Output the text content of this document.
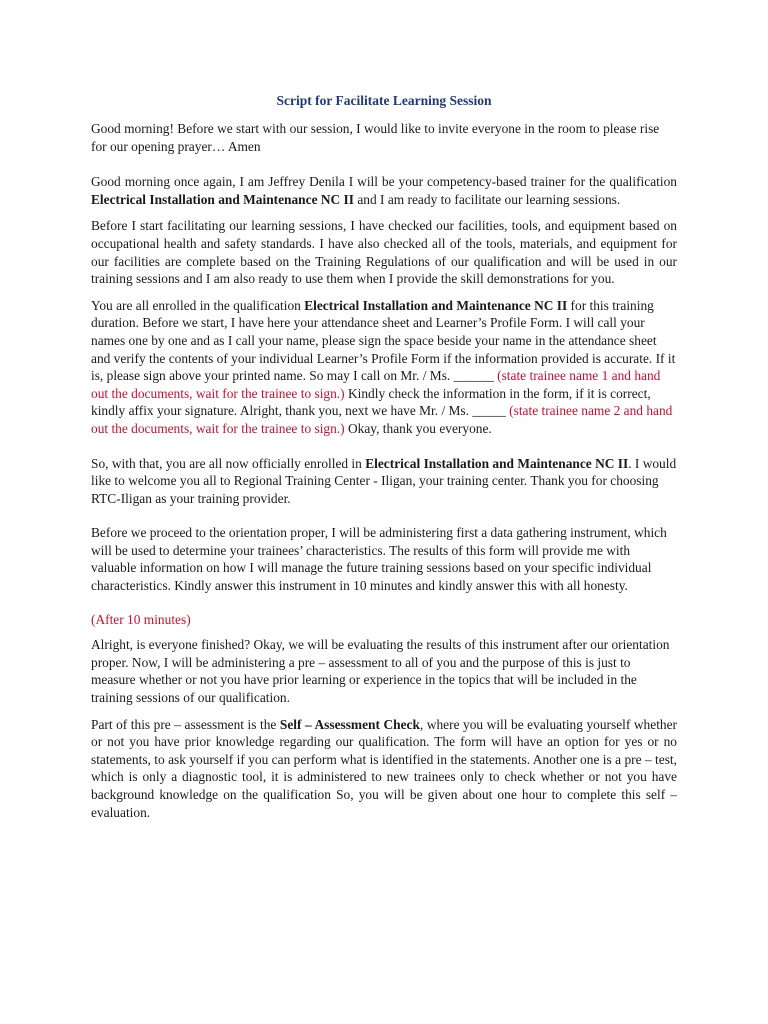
Script for Facilitate Learning Session

Good morning! Before we start with our session, I would like to invite everyone in the room to please rise for our opening prayer… Amen

Good morning once again, I am Jeffrey Denila I will be your competency-based trainer for the qualification Electrical Installation and Maintenance NC II and I am ready to facilitate our learning sessions.

Before I start facilitating our learning sessions, I have checked our facilities, tools, and equipment based on occupational health and safety standards. I have also checked all of the tools, materials, and equipment for our facilities are complete based on the Training Regulations of our qualification and will be used in our training sessions and I am also ready to use them when I provide the skill demonstrations for you.

You are all enrolled in the qualification Electrical Installation and Maintenance NC II for this training duration. Before we start, I have here your attendance sheet and Learner’s Profile Form. I will call your names one by one and as I call your name, please sign the space beside your name in the attendance sheet and verify the contents of your individual Learner’s Profile Form if the information provided is accurate. If it is, please sign above your printed name. So may I call on Mr. / Ms. ______ (state trainee name 1 and hand out the documents, wait for the trainee to sign.) Kindly check the information in the form, if it is correct, kindly affix your signature. Alright, thank you, next we have Mr. / Ms. _____ (state trainee name 2 and hand out the documents, wait for the trainee to sign.) Okay, thank you everyone.

So, with that, you are all now officially enrolled in Electrical Installation and Maintenance NC II. I would like to welcome you all to Regional Training Center - Iligan, your training center. Thank you for choosing RTC-Iligan as your training provider.

Before we proceed to the orientation proper, I will be administering first a data gathering instrument, which will be used to determine your trainees’ characteristics. The results of this form will provide me with valuable information on how I will manage the future training sessions based on your specific individual characteristics. Kindly answer this instrument in 10 minutes and kindly answer this with all honesty.

(After 10 minutes)

Alright, is everyone finished? Okay, we will be evaluating the results of this instrument after our orientation proper. Now, I will be administering a pre – assessment to all of you and the purpose of this is just to measure whether or not you have prior learning or experience in the topics that will be included in the training sessions of our qualification.

Part of this pre – assessment is the Self – Assessment Check, where you will be evaluating yourself whether or not you have prior knowledge regarding our qualification. The form will have an option for yes or no statements, to ask yourself if you can perform what is identified in the statements. Another one is a pre – test, which is only a diagnostic tool, it is administered to new trainees only to check whether or not you have background knowledge on the qualification So, you will be given about one hour to complete this self – evaluation.
